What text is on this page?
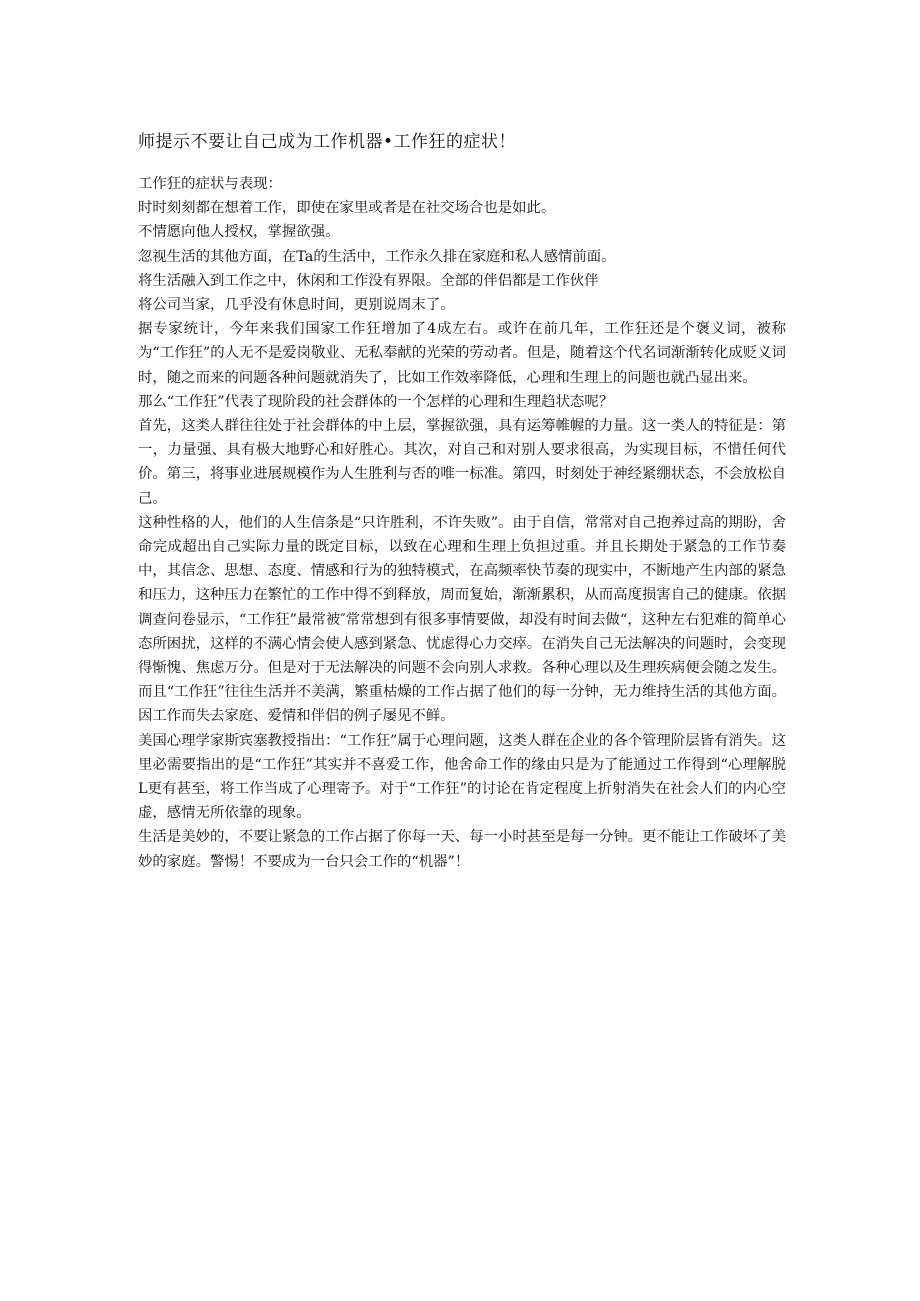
师提示不要让自己成为工作机器•工作狂的症状！

工作狂的症状与表现：

时时刻刻都在想着工作，即使在家里或者是在社交场合也是如此。

不情愿向他人授权，掌握欲强。

忽视生活的其他方面，在Ta的生活中，工作永久排在家庭和私人感情前面。

将生活融入到工作之中，休闲和工作没有界限。全部的伴侣都是工作伙伴

将公司当家，几乎没有休息时间，更别说周末了。

据专家统计，今年来我们国家工作狂增加了4成左右。或许在前几年，工作狂还是个褒义词，被称为“工作狂”的人无不是爱岗敬业、无私奉献的光荣的劳动者。但是，随着这个代名词渐渐转化成贬义词时，随之而来的问题各种问题就消失了，比如工作效率降低，心理和生理上的问题也就凸显出来。

那么“工作狂”代表了现阶段的社会群体的一个怎样的心理和生理趋状态呢？

首先，这类人群往往处于社会群体的中上层，掌握欲强，具有运筹帷幄的力量。这一类人的特征是：第一，力量强、具有极大地野心和好胜心。其次，对自己和对别人要求很高，为实现目标，不惜任何代价。第三，将事业进展规模作为人生胜利与否的唯一标准。第四，时刻处于神经紧绷状态，不会放松自己。

这种性格的人，他们的人生信条是“只许胜利，不许失败”。由于自信，常常对自己抱养过高的期盼，舍命完成超出自己实际力量的既定目标，以致在心理和生理上负担过重。并且长期处于紧急的工作节奏中，其信念、思想、态度、情感和行为的独特模式，在高频率快节奏的现实中，不断地产生内部的紧急和压力，这种压力在繁忙的工作中得不到释放，周而复始，渐渐累积，从而高度损害自己的健康。依据调查问卷显示，“工作狂”最常被″常常想到有很多事情要做，却没有时间去做“，这种左右犯难的简单心态所困扰，这样的不满心情会使人感到紧急、忧虑得心力交瘁。在消失自己无法解决的问题时，会变现得惭愧、焦虑万分。但是对于无法解决的问题不会向别人求救。各种心理以及生理疾病便会随之发生。而且“工作狂”往往生活并不美满，繁重枯燥的工作占据了他们的每一分钟，无力维持生活的其他方面。因工作而失去家庭、爱情和伴侣的例子屡见不鲜。

美国心理学家斯宾塞教授指出：“工作狂”属于心理问题，这类人群在企业的各个管理阶层皆有消失。这里必需要指出的是“工作狂”其实并不喜爱工作，他舍命工作的缘由只是为了能通过工作得到“心理解脱L更有甚至，将工作当成了心理寄予。对于“工作狂”的讨论在肯定程度上折射消失在社会人们的内心空虚，感情无所依靠的现象。

生活是美妙的，不要让紧急的工作占据了你每一天、每一小时甚至是每一分钟。更不能让工作破坏了美妙的家庭。警惕！不要成为一台只会工作的“机器”！
